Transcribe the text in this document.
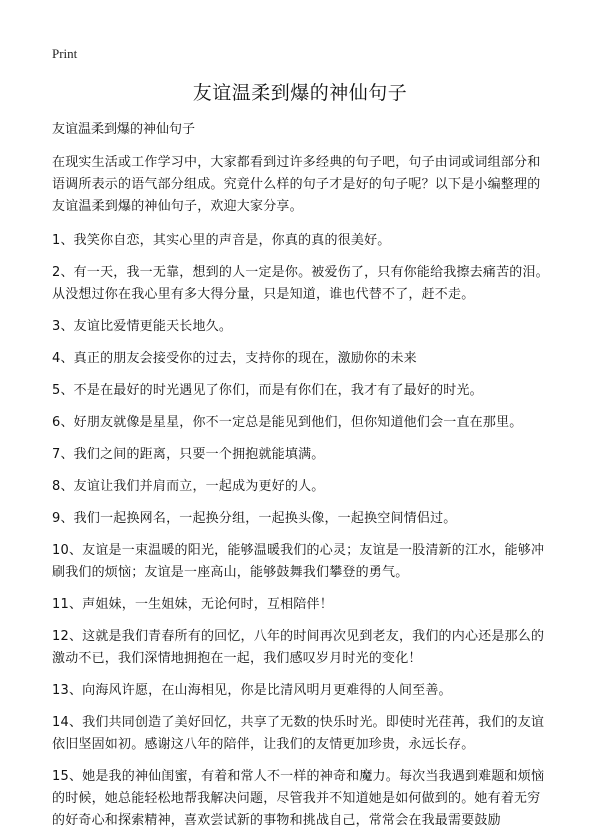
Print
友谊温柔到爆的神仙句子
友谊温柔到爆的神仙句子

在现实生活或工作学习中，大家都看到过许多经典的句子吧，句子由词或词组部分和语调所表示的语气部分组成。究竟什么样的句子才是好的句子呢？以下是小编整理的友谊温柔到爆的神仙句子，欢迎大家分享。

1、我笑你自恋，其实心里的声音是，你真的真的很美好。

2、有一天，我一无靠，想到的人一定是你。被爱伤了，只有你能给我擦去痛苦的泪。从没想过你在我心里有多大得分量，只是知道，谁也代替不了，赶不走。

3、友谊比爱情更能天长地久。

4、真正的朋友会接受你的过去，支持你的现在，激励你的未来

5、不是在最好的时光遇见了你们，而是有你们在，我才有了最好的时光。

6、好朋友就像是星星，你不一定总是能见到他们，但你知道他们会一直在那里。

7、我们之间的距离，只要一个拥抱就能填满。

8、友谊让我们并肩而立，一起成为更好的人。

9、我们一起换网名，一起换分组，一起换头像，一起换空间情侣过。

10、友谊是一束温暖的阳光，能够温暖我们的心灵；友谊是一股清新的江水，能够冲刷我们的烦恼；友谊是一座高山，能够鼓舞我们攀登的勇气。

11、声姐妹，一生姐妹，无论何时，互相陪伴！

12、这就是我们青春所有的回忆，八年的时间再次见到老友，我们的内心还是那么的激动不已，我们深情地拥抱在一起，我们感叹岁月时光的变化！

13、向海风许愿，在山海相见，你是比清风明月更难得的人间至善。

14、我们共同创造了美好回忆，共享了无数的快乐时光。即使时光荏苒，我们的友谊依旧坚固如初。感谢这八年的陪伴，让我们的友情更加珍贵，永远长存。

15、她是我的神仙闺蜜，有着和常人不一样的神奇和魔力。每次当我遇到难题和烦恼的时候，她总能轻松地帮我解决问题，尽管我并不知道她是如何做到的。她有着无穷的好奇心和探索精神，喜欢尝试新的事物和挑战自己，常常会在我最需要鼓励
